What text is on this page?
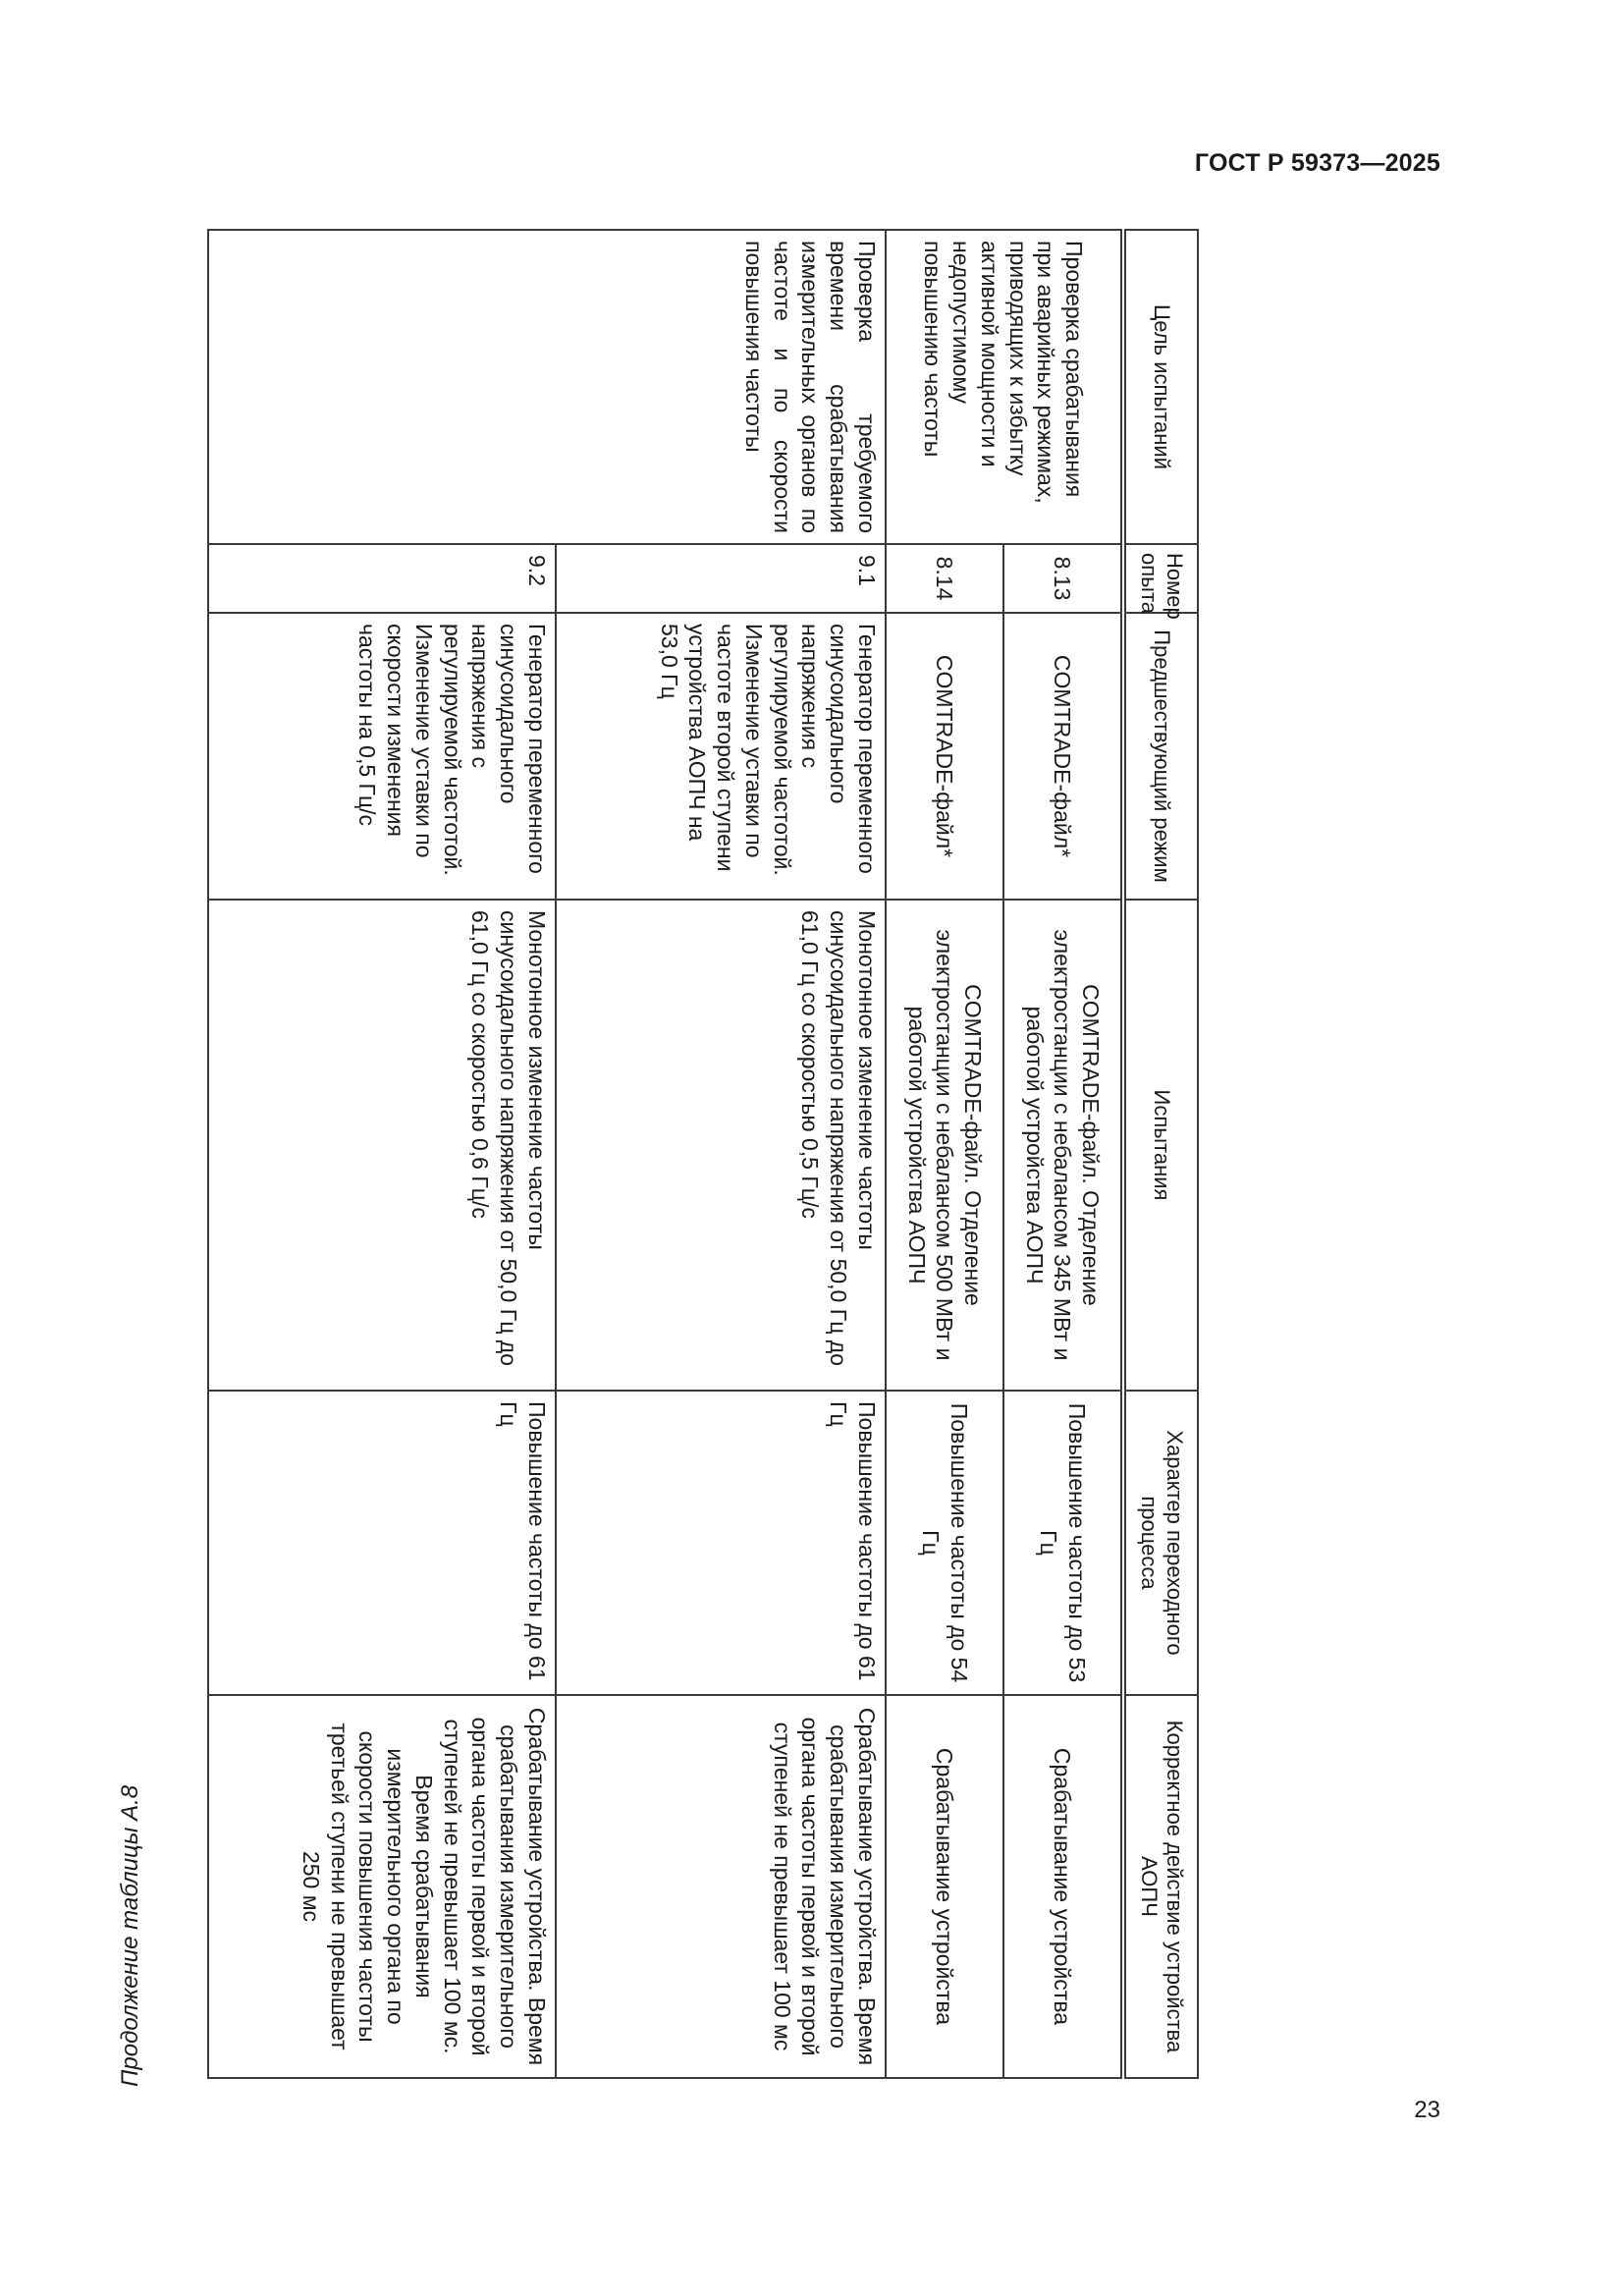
ГОСТ Р 59373—2025
Продолжение таблицы А.8
Цель испытаний	Номер опыта	Предшествующий режим	Испытания	Характер переходного процесса	Корректное действие устройства АОПЧ
Проверка срабатывания при аварийных режимах, приводящих к избытку активной мощности и недопустимому повышению частоты	8.13	COMTRADE-файл*	COMTRADE-файл. Отделение электростанции с небалансом 345 МВт и работой устройства АОПЧ	Повышение частоты до 53 Гц	Срабатывание устройства
	8.14	COMTRADE-файл*	COMTRADE-файл. Отделение электростанции с небалансом 500 МВт и работой устройства АОПЧ	Повышение частоты до 54 Гц	Срабатывание устройства
Проверка требуемого времени срабатывания измерительных органов по частоте и по скорости повышения частоты	9.1	Генератор переменного синусоидального напряжения с регулируемой частотой. Изменение уставки по частоте второй ступени устройства АОПЧ на 53,0 Гц	Монотонное изменение частоты синусоидального напряжения от 50,0 Гц до 61,0 Гц со скоростью 0,5 Гц/с	Повышение частоты до 61 Гц	Срабатывание устройства. Время срабатывания измерительного органа частоты первой и второй ступеней не превышает 100 мс
	9.2	Генератор переменного синусоидального напряжения с регулируемой частотой. Изменение уставки по скорости изменения частоты на 0,5 Гц/с	Монотонное изменение частоты синусоидального напряжения от 50,0 Гц до 61,0 Гц со скоростью 0,6 Гц/с	Повышение частоты до 61 Гц	Срабатывание устройства. Время срабатывания измерительного органа частоты первой и второй ступеней не превышает 100 мс. Время срабатывания измерительного органа по скорости повышения частоты третьей ступени не превышает 250 мс
23
